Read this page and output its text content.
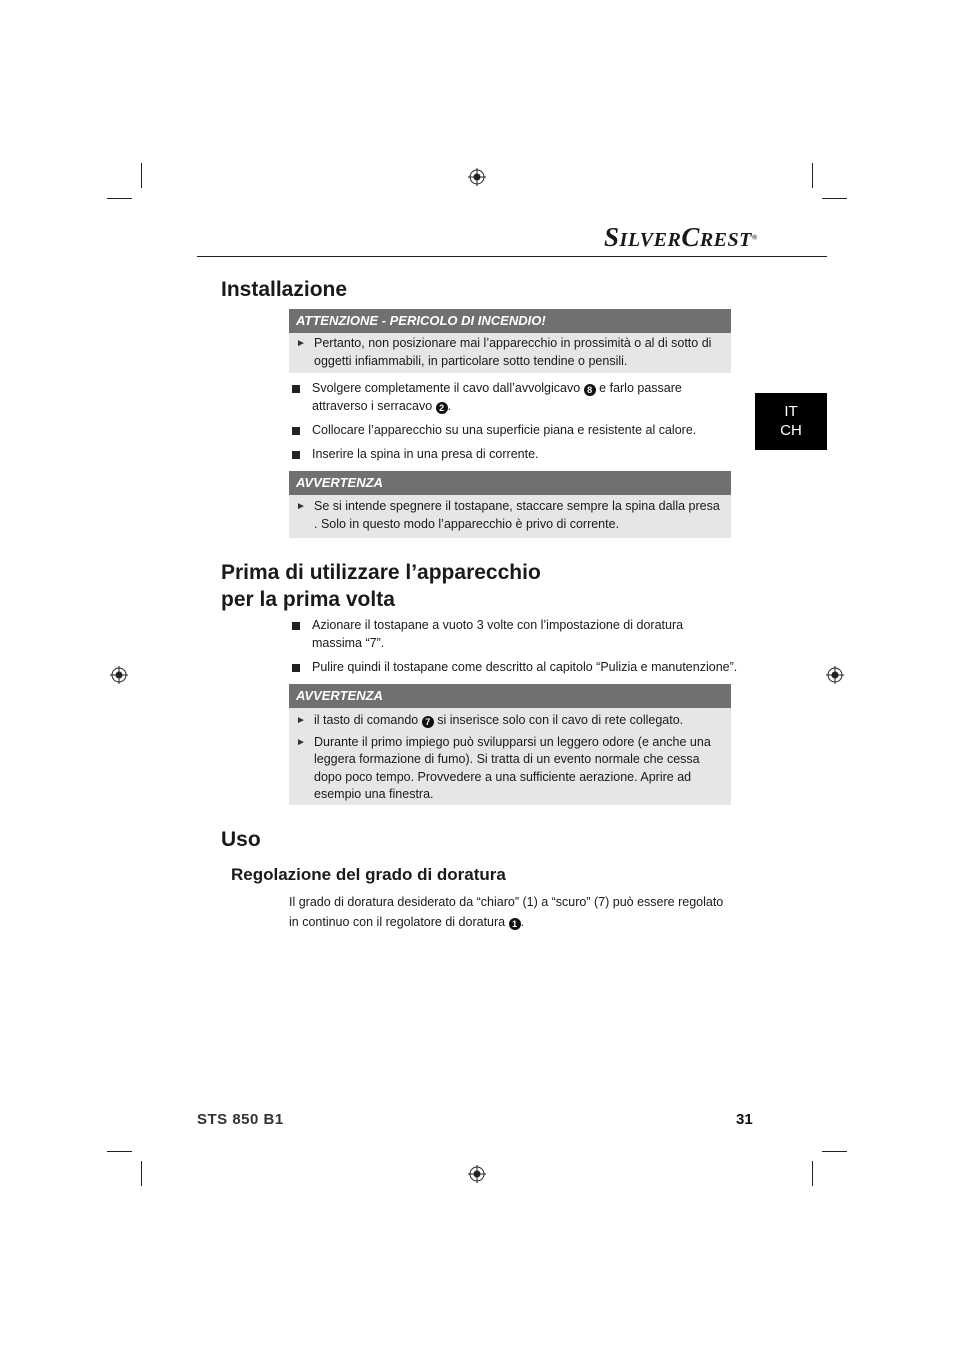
SILVERCREST®
IT
CH
Installazione
ATTENZIONE - PERICOLO DI INCENDIO!
► Pertanto, non posizionare mai l’apparecchio in prossimità o al di sotto di oggetti infiammabili, in particolare sotto tendine o pensili.
Svolgere completamente il cavo dall’avvolgicavo 8 e farlo passare attraverso i serracavo 2 .
Collocare l’apparecchio su una superficie piana e resistente al calore.
Inserire la spina in una presa di corrente.
AVVERTENZA
► Se si intende spegnere il tostapane, staccare sempre la spina dalla presa . Solo in questo modo l’apparecchio è privo di corrente.
Prima di utilizzare l’apparecchio
per la prima volta
Azionare il tostapane a vuoto 3 volte con l’impostazione di doratura massima “7”.
Pulire quindi il tostapane come descritto al capitolo “Pulizia e manutenzione”.
AVVERTENZA
► il tasto di comando 7 si inserisce solo con il cavo di rete collegato.
► Durante il primo impiego può svilupparsi un leggero odore (e anche una leggera formazione di fumo). Si tratta di un evento normale che cessa dopo poco tempo. Provvedere a una sufficiente aerazione. Aprire ad esempio una finestra.
Uso
Regolazione del grado di doratura
Il grado di doratura desiderato da “chiaro” (1) a “scuro” (7) può essere regolato in continuo con il regolatore di doratura 1 .
STS 850 B1	31
